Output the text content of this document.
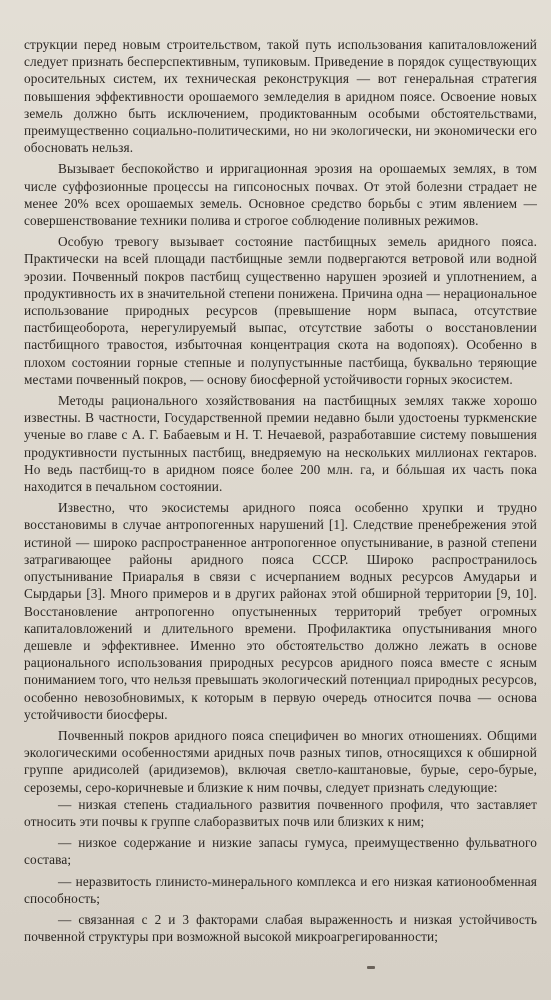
струкции перед новым строительством, такой путь использования капиталовложений следует признать бесперспективным, тупиковым. Приведение в порядок существующих оросительных систем, их техническая реконструкция — вот генеральная стратегия повышения эффективности орошаемого земледелия в аридном поясе. Освоение новых земель должно быть исключением, продиктованным особыми обстоятельствами, преимущественно социально-политическими, но ни экологически, ни экономически его обосновать нельзя.

Вызывает беспокойство и ирригационная эрозия на орошаемых землях, в том числе суффозионные процессы на гипсоносных почвах. От этой болезни страдает не менее 20% всех орошаемых земель. Основное средство борьбы с этим явлением — совершенствование техники полива и строгое соблюдение поливных режимов.

Особую тревогу вызывает состояние пастбищных земель аридного пояса. Практически на всей площади пастбищные земли подвергаются ветровой или водной эрозии. Почвенный покров пастбищ существенно нарушен эрозией и уплотнением, а продуктивность их в значительной степени понижена. Причина одна — нерациональное использование природных ресурсов (превышение норм выпаса, отсутствие пастбищеоборота, нерегулируемый выпас, отсутствие заботы о восстановлении пастбищного травостоя, избыточная концентрация скота на водопоях). Особенно в плохом состоянии горные степные и полупустынные пастбища, буквально теряющие местами почвенный покров, — основу биосферной устойчивости горных экосистем.

Методы рационального хозяйствования на пастбищных землях также хорошо известны. В частности, Государственной премии недавно были удостоены туркменские ученые во главе с А. Г. Бабаевым и Н. Т. Нечаевой, разработавшие систему повышения продуктивности пустынных пастбищ, внедряемую на нескольких миллионах гектаров. Но ведь пастбищ-то в аридном поясе более 200 млн. га, и бóльшая их часть пока находится в печальном состоянии.

Известно, что экосистемы аридного пояса особенно хрупки и трудно восстановимы в случае антропогенных нарушений [1]. Следствие пренебрежения этой истиной — широко распространенное антропогенное опустынивание, в разной степени затрагивающее районы аридного пояса СССР. Широко распространилось опустынивание Приаралья в связи с исчерпанием водных ресурсов Амударьи и Сырдарьи [3]. Много примеров и в других районах этой обширной территории [9, 10]. Восстановление антропогенно опустыненных территорий требует огромных капиталовложений и длительного времени. Профилактика опустынивания много дешевле и эффективнее. Именно это обстоятельство должно лежать в основе рационального использования природных ресурсов аридного пояса вместе с ясным пониманием того, что нельзя превышать экологический потенциал природных ресурсов, особенно невозобновимых, к которым в первую очередь относится почва — основа устойчивости биосферы.

Почвенный покров аридного пояса специфичен во многих отношениях. Общими экологическими особенностями аридных почв разных типов, относящихся к обширной группе аридисолей (аридиземов), включая светло-каштановые, бурые, серо-бурые, сероземы, серо-коричневые и близкие к ним почвы, следует признать следующие:

— низкая степень стадиального развития почвенного профиля, что заставляет относить эти почвы к группе слаборазвитых почв или близких к ним;

— низкое содержание и низкие запасы гумуса, преимущественно фульватного состава;

— неразвитость глинисто-минерального комплекса и его низкая катионообменная способность;

— связанная с 2 и 3 факторами слабая выраженность и низкая устойчивость почвенной структуры при возможной высокой микроагрегированности;
